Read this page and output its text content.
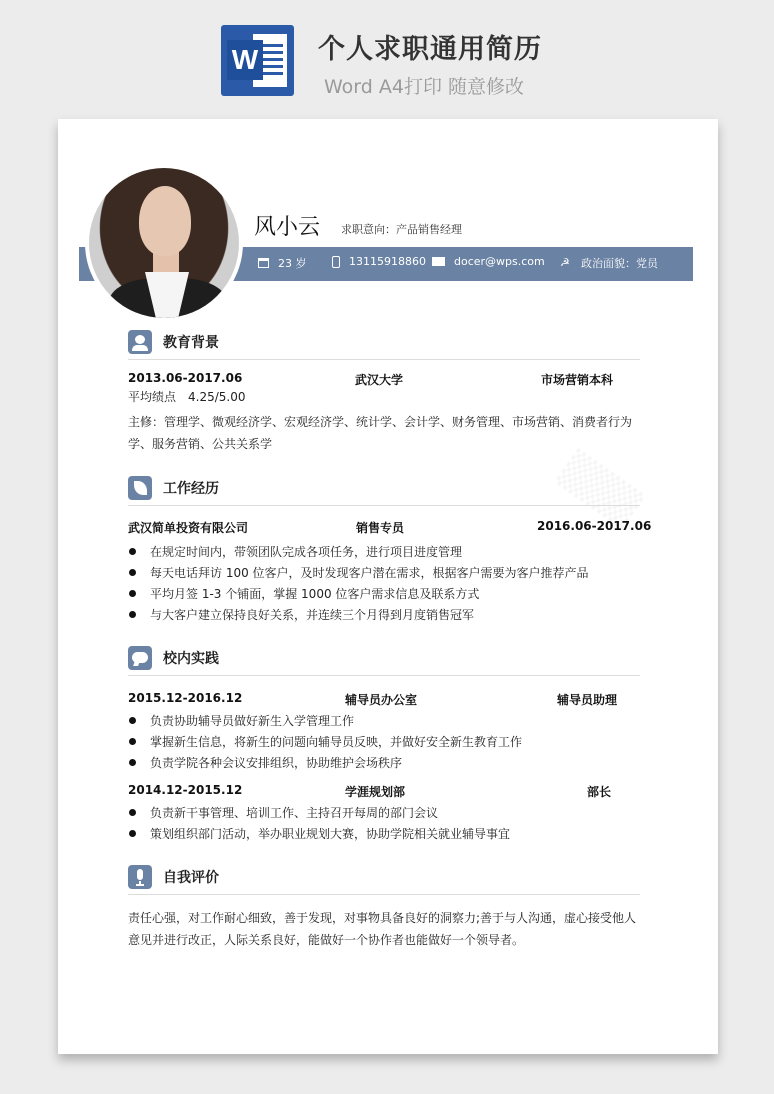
W 个人求职通用简历
Word A4打印 随意修改
风小云 求职意向：产品销售经理
23 岁	13115918860	docer@wps.com ☭ 政治面貌：党员
教育背景
2013.06-2017.06	武汉大学	市场营销本科
平均绩点　4.25/5.00
主修：管理学、微观经济学、宏观经济学、统计学、会计学、财务管理、市场营销、消费者行为学、服务营销、公共关系学
工作经历
武汉简单投资有限公司	销售专员	2016.06-2017.06
在规定时间内，带领团队完成各项任务，进行项目进度管理
每天电话拜访 100 位客户，及时发现客户潜在需求，根据客户需要为客户推荐产品
平均月签 1-3 个铺面，掌握 1000 位客户需求信息及联系方式
与大客户建立保持良好关系，并连续三个月得到月度销售冠军
校内实践
2015.12-2016.12	辅导员办公室	辅导员助理
负责协助辅导员做好新生入学管理工作
掌握新生信息，将新生的问题向辅导员反映，并做好安全新生教育工作
负责学院各种会议安排组织，协助维护会场秩序
2014.12-2015.12	学涯规划部	部长
负责新干事管理、培训工作、主持召开每周的部门会议
策划组织部门活动，举办职业规划大赛，协助学院相关就业辅导事宜
自我评价
责任心强，对工作耐心细致，善于发现，对事物具备良好的洞察力;善于与人沟通，虚心接受他人意见并进行改正，人际关系良好，能做好一个协作者也能做好一个领导者。
